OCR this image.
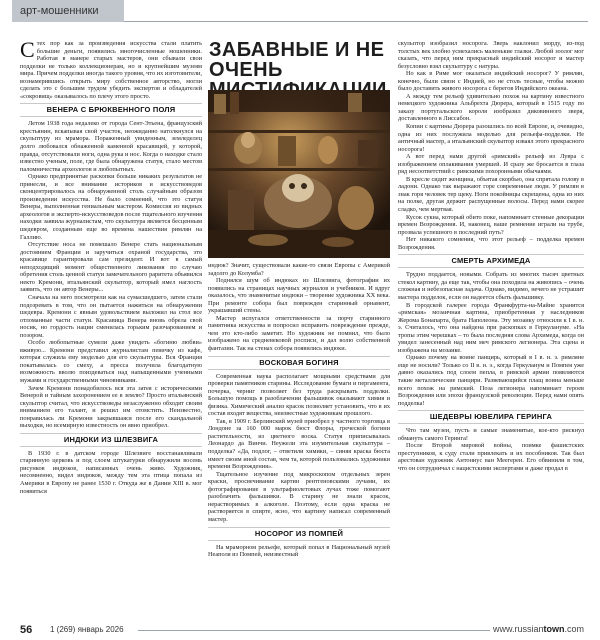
арт-мошенники

Стех пор как за произведения искусства стали платить большие деньги, появились многочисленные мошенники. Работая в манере старых мастеров, они сбывали свои подделки не только коллекционерам, но и крупнейшим музеям мира. Причем подделки иногда такого уровня, что их изготовители, вознамерившись открыть миру собственное авторство, могли сделать это с большим трудом убедить экспертов и обладателей «сокровищ» оказывалось по плечу этого просто.

ВЕНЕРА С БРЮКВЕННОГО ПОЛЯ

Летом 1938 года недалеко от города Сент-Этьена, французский крестьянин, вскапывая свой участок, неожиданно натолкнулся на скульптуру из мрамора. Пораженный увиденным, земледелец долго любовался обнаженной каменной красавицей, у которой, правда, отсутствовали ноги, одна рука и нос. Когда о находке стало известно ученым, поле, где была обнаружена статуя, стало местом паломничества археологов и любопытных.

Однако предпринятые раскопки больше никаких результатов не принесли, и все внимание историков и искусствоведов сконцентрировалось на обнаруженной столь случайным образом произведении искусства. Не было сомнений, что это статуя Венеры, выполненная гениальным мастером. Комиссия из видных археологов и эксперто-искусствоведов после тщательного изучения находки заявила журналистам, что скульптура является бесценным шедевром, созданным еще во времена нашествия римлян на Галлию.

Отсутствие носа не помешало Венере стать национальным достоянием Франции и заручиться охраной государства, это красавице гарантировали сам президент. И вот в самый неподходящий момент общественного ликования по случаю обретения столь ценной статуи замечательного раритета объявился некто Кремони, итальянский скульптор, который имел наглость заявить, что он автор Венеры...

Сначала на него посмотрели как на сумасшедшего, затем стали подозревать в том, что он пытается нажиться на обнаружении шедевра. Кремони с явным удовольствием выложил на стол все отломанные части статуи. Красавица Венера вновь обрела свой носик, но гордость нации сменилась горьким разочарованием и позором.

Особо любопытные сумели даже увидеть «богиню любви» вживую... Кремони представил журналистам певичку из кафе, которая служила ему моделью для его скульптуры. Вся Франция покатывалась со смеху, а пресса получила благодатную возможность вволю поиздеваться над напыщенными ученными мужами и государственными чиновниками.

Зачем Кремони понадобилось вся эта затея с историческими Венерой и тайным захоронением ее в землю? Просто итальянский скульптор считал, что искусствоведы незаслуженно обходят своим вниманием его талант, и решил им отомстить. Неизвестно, понравилась ли Кремони закрывшаяся после его скандальной выходки, но всемирную известность он явно приобрел.

ИНДЮКИ ИЗ ШЛЕЗВИГА

В 1930 г. в датском городе Шлезвиге восстанавливали старинную церковь и под слоем штукатурки обнаружили восемь рисунков индюков, написанных очень живо. Художник, несомненно, видел индюков, между тем эта птица попала из Америки в Европу не ранее 1530 г. Откуда же в Дании XIII в. мог появиться

ЗАБАВНЫЕ И НЕ ОЧЕНЬ

индюк? Значит, существовали какие-то связи Европы с Америкой задолго до Колумба?

Поднялся шум об индюках из Шлезвига, фотографии их появились на страницах научных журналов и учебников. И вдруг оказалось, что знаменитые индюки – творение художника XX века. При ремонте собора был поврежден старинный орнамент, украшавший стены.

Мастер испугался ответственности за порчу старинного памятника искусства и попросил исправить повреждение прежде, чем это кто-либо заметит. Но художник не помнил, что было изображено на средневековой росписи, и дал волю собственной фантазии. Так на стенах собора появились индюки.

ВОСКОВАЯ БОГИНЯ

Современная наука располагает мощными средствами для проверки памятников старины. Исследование бумаги и пергамента, почерка, черниг позволяет без труда раскрывать подделки. Большую помощь в разоблачении фальшивок оказывают химия и физика. Химический анализ красок позволяет установить, что в их состав входят вещества, неизвестные художникам прошлого.

Так, в 1909 г. Берлинский музей приобрел у частного торговца в Лондоне за 160 000 марок бюст Флоры, греческой богини растительности, из цветного воска. Статуя приписывалась Леонардо да Винчи. Неужели эта изумительная скульптура – подделка? «Да, подлог, – ответили химики, – синяя краска бюста имеет своим иной состав, чем та, которой пользовались художники времени Возрождения».

Тщательное изучение под микроскопом отдельных зерен краски, просвечивание картин рентгеновскими лучами, их фотографирование в ультрафиолетовых лучах тоже помогают разоблачить фальшивки. В старину не знали красок, нерастворимых в алкоголе. Поэтому, если одна краска не растворяется в спирте, ясно, что картину написал современный мастер.

НОСОРОГ ИЗ ПОМПЕЙ

На мраморном рельефе, который попал в Национальный музей Неаполя из Помпей, неизвестный

скульптор изобразил носорога. Зверь наклонил морду, из-под толстых век злобно усмехались маленькие глазки. Любой зоолог мог сказать, что перед ним прекрасный индийский носорог и мастер безусловно взял скульптуру с натуры.

Но как в Риме мог оказаться индийский носорог? У римлян, конечно, были связи с Индией, но не столь тесные, чтобы можно было доставить живого носорога с берегов Индийского океана.

А между тем рельеф удивительно похож на картину известного немецкого художника Альбрехта Дюрера, который в 1515 году по заказу португальского короля изобразил диковинного зверя, доставленного в Лиссабон.

Копии с картины Дюрера разошлись по всей Европе, и, очевидно, одна из них послужила моделью для рельефа-подделки. Не античный мастер, а итальянский скульптор изваял этого прекрасного носорога!

А вот перед нами другой «римский» рельеф из Лувра с изображением оплакивания умершей. И сразу же бросается в глаза ряд несоответствий с римскими похоронными обычаями.

В кресле сидит женщина, объятая скорбью, она спрятала голову в ладони. Однако так выражают горе современные люди. У римлян в знак горя человек тер щеку. Ноги покойницы скрещены, одна из них на полке, другая держит распущенные волосы. Перед нами скорее сладко, чем мертвая.

Кусок сукна, который обито поке, напоминает стенные декорации времен Возрождения. И, наконец, ваше ремнение играли на трубе, прозвала успешного в последний путь?

Нет никакого сомнения, что этот рельеф – подделка времен Возрождения.

СМЕРТЬ АРХИМЕДА

Трудно поддается, новыми. Собрать из многих тысяч цветных стекол картину, да еще так, чтобы она походила на живопись – очень сложная и небезопасная задача. Однако, видимо, нечего не устрашит мастера подделок, если он надеется сбыть фальшивку.

В городской галерее города Франкфурта-на-Майне хранится «римская» мозаичная картина, приобретенная у наследников Жерома Бонапарта, брата Наполеона. Эту мозаику относили к I в. н. э. Считалось, что она найдена при раскопках в Геркулануме. «На тропы этим черешках – то была последняя слова Архимеда, когда он увидел занесенный над ним меч римского легионера. Эта сцена и изображена на мозаике.

Однако почему на воине панцирь, который в I в. н. э. римляне еще не носили? Только со II в. н. э., когда Геркуланум и Помпея уже давно оказались под слоем пепла, в римской армии появляются такие металлические панцири. Развевающийся плащ воина меньше всего похож на римский. Поза легионера напоминает героев Возрождения или эпохи французской революции. Перед нами опять подделка!

ШЕДЕВРЫ ЮВЕЛИРА ГЕРИНГА

Что там музеи, пусть и самые знаменитые, кое-кто рискнул обмануть самого Геринга!

После Второй мировой войны, поимке фашистских преступников, к суду стали привлекать и их пособников. Так был арестован художник Антониус ван Меегерен. Его обвинили в том, что он сотрудничал с нацистскими экспертами и даже продал в

56	1 (269) январь 2026	www.russiantown.com
